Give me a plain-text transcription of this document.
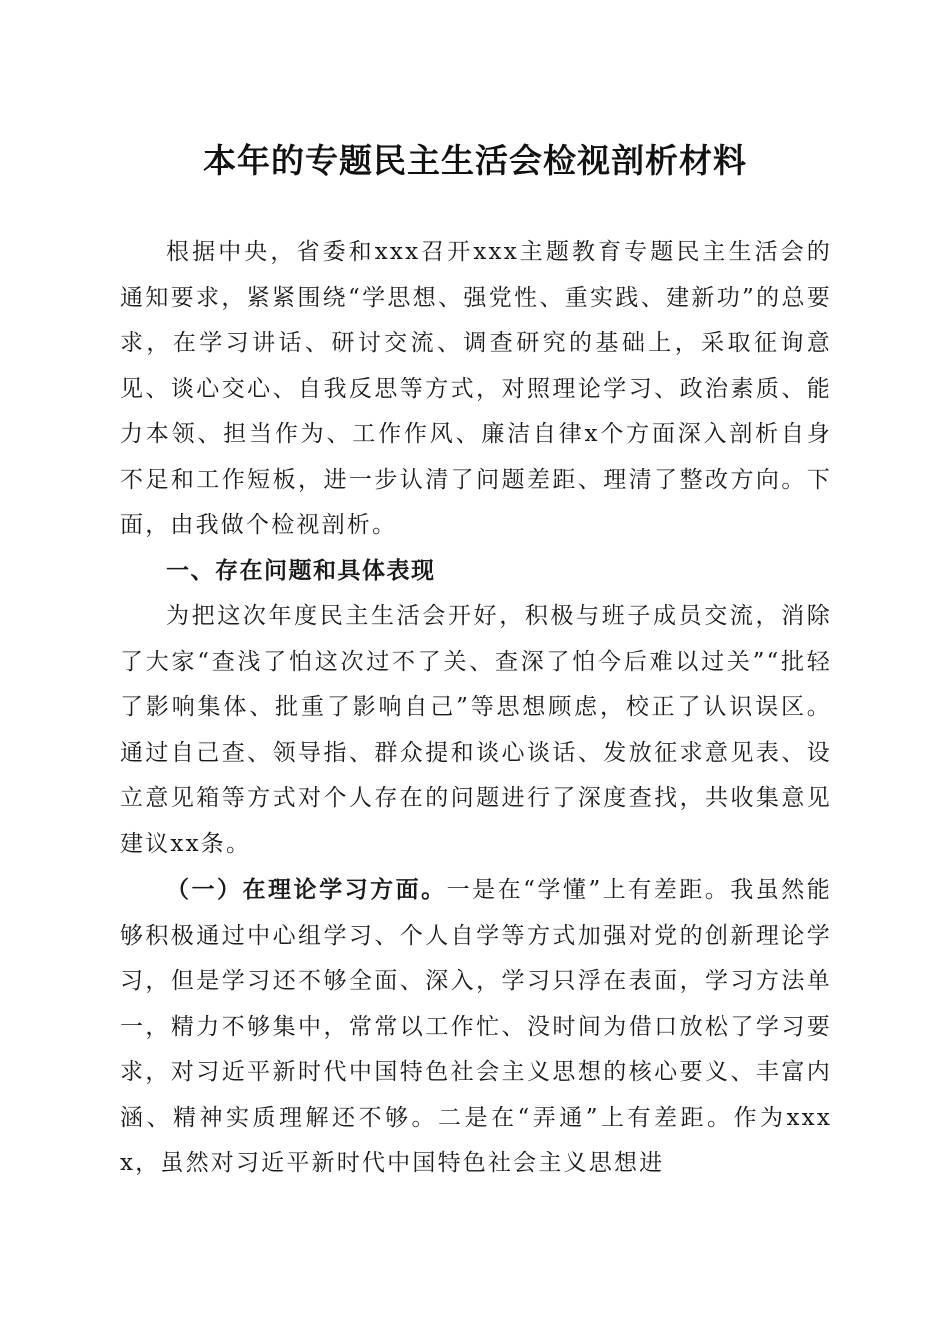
本年的专题民主生活会检视剖析材料

根据中央，省委和xxx召开xxx主题教育专题民主生活会的通知要求，紧紧围绕“学思想、强党性、重实践、建新功”的总要求，在学习讲话、研讨交流、调查研究的基础上，采取征询意见、谈心交心、自我反思等方式，对照理论学习、政治素质、能力本领、担当作为、工作作风、廉洁自律x个方面深入剖析自身不足和工作短板，进一步认清了问题差距、理清了整改方向。下面，由我做个检视剖析。

一、存在问题和具体表现

为把这次年度民主生活会开好，积极与班子成员交流，消除了大家“查浅了怕这次过不了关、查深了怕今后难以过关”“批轻了影响集体、批重了影响自己”等思想顾虑，校正了认识误区。通过自己查、领导指、群众提和谈心谈话、发放征求意见表、设立意见箱等方式对个人存在的问题进行了深度查找，共收集意见建议xx条。

（一）在理论学习方面。一是在“学懂”上有差距。我虽然能够积极通过中心组学习、个人自学等方式加强对党的创新理论学习，但是学习还不够全面、深入，学习只浮在表面，学习方法单一，精力不够集中，常常以工作忙、没时间为借口放松了学习要求，对习近平新时代中国特色社会主义思想的核心要义、丰富内涵、精神实质理解还不够。二是在“弄通”上有差距。作为xxxx，虽然对习近平新时代中国特色社会主义思想进
